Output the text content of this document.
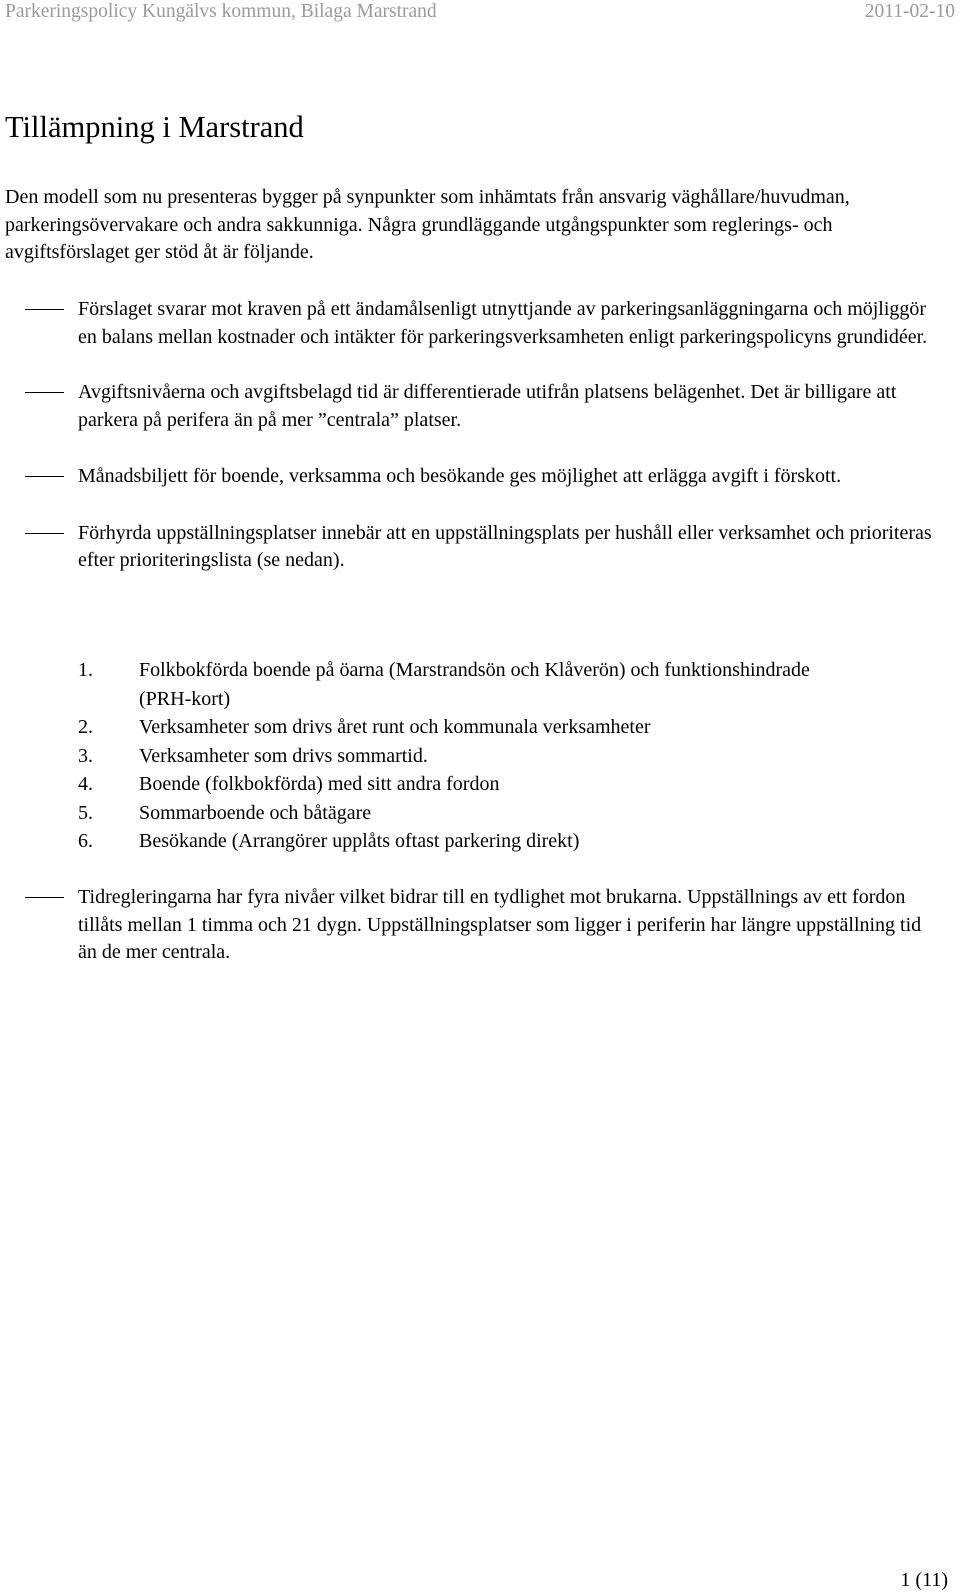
Parkeringspolicy Kungälvs kommun, Bilaga Marstrand	2011-02-10
Tillämpning i Marstrand

Den modell som nu presenteras bygger på synpunkter som inhämtats från ansvarig väghållare/huvudman, parkeringsövervakare och andra sakkunniga. Några grundläggande utgångspunkter som reglerings- och avgiftsförslaget ger stöd åt är följande.

Förslaget svarar mot kraven på ett ändamålsenligt utnyttjande av parkeringsanläggningarna och möjliggör en balans mellan kostnader och intäkter för parkeringsverksamheten enligt parkeringspolicyns grundidéer.
Avgiftsnivåerna och avgiftsbelagd tid är differentierade utifrån platsens belägenhet. Det är billigare att parkera på perifera än på mer ”centrala” platser.
Månadsbiljett för boende, verksamma och besökande ges möjlighet att erlägga avgift i förskott.
Förhyrda uppställningsplatser innebär att en uppställningsplats per hushåll eller verksamhet och prioriteras efter prioriteringslista (se nedan).
1. Folkbokförda boende på öarna (Marstrandsön och Klåverön) och funktionshindrade (PRH-kort)
2. Verksamheter som drivs året runt och kommunala verksamheter
3. Verksamheter som drivs sommartid.
4. Boende (folkbokförda) med sitt andra fordon
5. Sommarboende och båtägare
6. Besökande (Arrangörer upplåts oftast parkering direkt)
Tidregleringarna har fyra nivåer vilket bidrar till en tydlighet mot brukarna. Uppställnings av ett fordon tillåts mellan 1 timma och 21 dygn. Uppställningsplatser som ligger i periferin har längre uppställning tid än de mer centrala.
1 (11)
